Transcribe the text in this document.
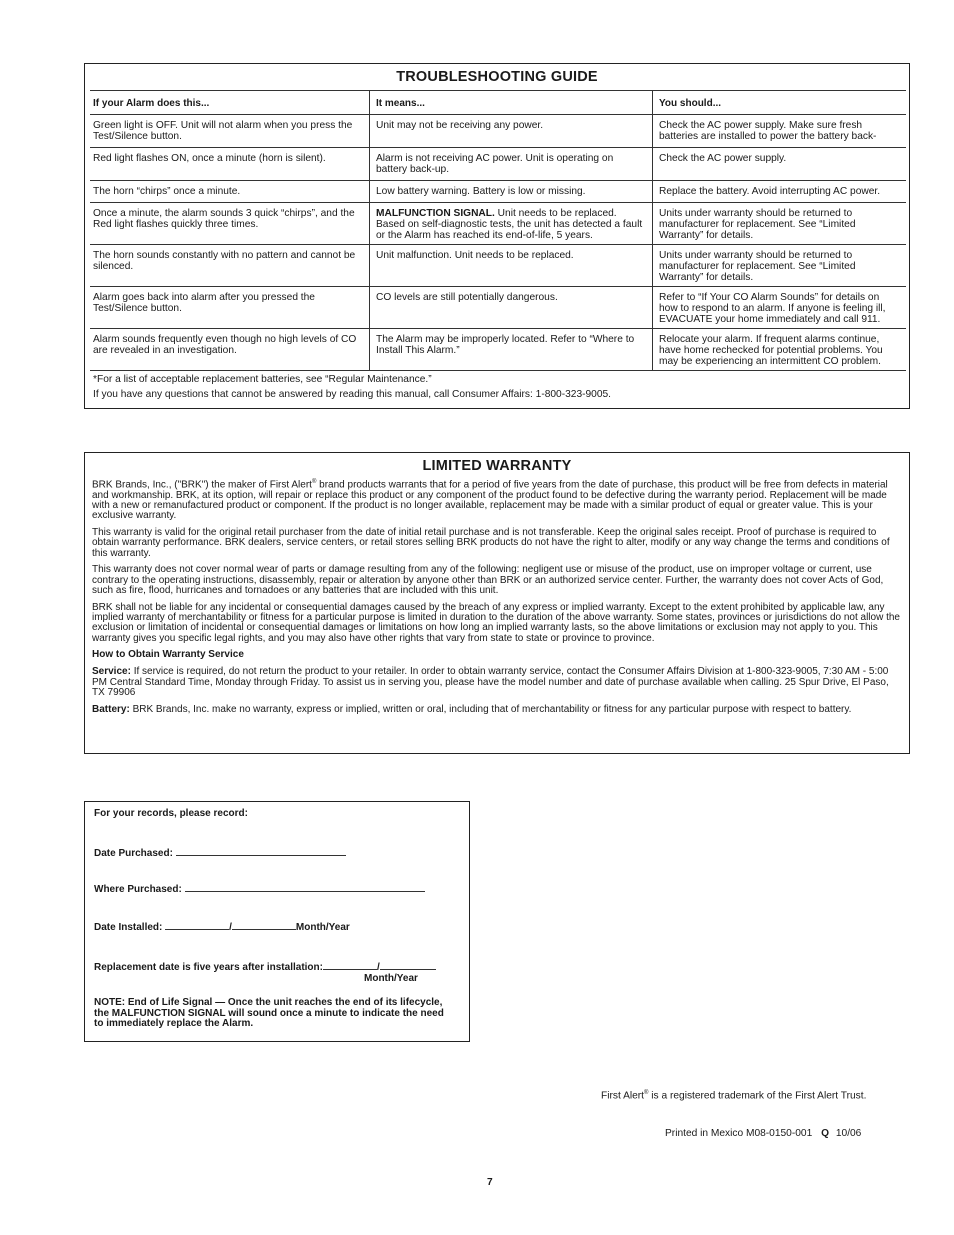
TROUBLESHOOTING GUIDE
If your Alarm does this...	It means...	You should...
Green light is OFF. Unit will not alarm when you press the Test/Silence button.	Unit may not be receiving any power.	Check the AC power supply. Make sure fresh batteries are installed to power the battery back-
Red light flashes ON, once a minute (horn is silent).	Alarm is not receiving AC power. Unit is operating on battery back-up.	Check the AC power supply.
The horn “chirps” once a minute.	Low battery warning. Battery is low or missing.	Replace the battery. Avoid interrupting AC power.
Once a minute, the alarm sounds 3 quick “chirps”, and the Red light flashes quickly three times.	MALFUNCTION SIGNAL. Unit needs to be replaced. Based on self-diagnostic tests, the unit has detected a fault or the Alarm has reached its end-of-life, 5 years.	Units under warranty should be returned to manufacturer for replacement. See “Limited Warranty” for details.
The horn sounds constantly with no pattern and cannot be silenced.	Unit malfunction. Unit needs to be replaced.	Units under warranty should be returned to manufacturer for replacement. See “Limited Warranty” for details.
Alarm goes back into alarm after you pressed the Test/Silence button.	CO levels are still potentially dangerous.	Refer to “If Your CO Alarm Sounds” for details on how to respond to an alarm. If anyone is feeling ill, EVACUATE your home immediately and call 911.
Alarm sounds frequently even though no high levels of CO are revealed in an investigation.	The Alarm may be improperly located. Refer to “Where to Install This Alarm.”	Relocate your alarm. If frequent alarms continue, have home rechecked for potential problems. You may be experiencing an intermittent CO problem.
*For a list of acceptable replacement batteries, see “Regular Maintenance.”
If you have any questions that cannot be answered by reading this manual, call Consumer Affairs: 1-800-323-9005.
LIMITED WARRANTY

BRK Brands, Inc., ("BRK") the maker of First Alert® brand products warrants that for a period of five years from the date of purchase, this product will be free from defects in material and workmanship. BRK, at its option, will repair or replace this product or any component of the product found to be defective during the warranty period. Replacement will be made with a new or remanufactured product or component. If the product is no longer available, replacement may be made with a similar product of equal or greater value. This is your exclusive warranty.

This warranty is valid for the original retail purchaser from the date of initial retail purchase and is not transferable. Keep the original sales receipt. Proof of purchase is required to obtain warranty performance. BRK dealers, service centers, or retail stores selling BRK products do not have the right to alter, modify or any way change the terms and conditions of this warranty.

This warranty does not cover normal wear of parts or damage resulting from any of the following: negligent use or misuse of the product, use on improper voltage or current, use contrary to the operating instructions, disassembly, repair or alteration by anyone other than BRK or an authorized service center. Further, the warranty does not cover Acts of God, such as fire, flood, hurricanes and tornadoes or any batteries that are included with this unit.

BRK shall not be liable for any incidental or consequential damages caused by the breach of any express or implied warranty. Except to the extent prohibited by applicable law, any implied warranty of merchantability or fitness for a particular purpose is limited in duration to the duration of the above warranty. Some states, provinces or jurisdictions do not allow the exclusion or limitation of incidental or consequential damages or limitations on how long an implied warranty lasts, so the above limitations or exclusion may not apply to you. This warranty gives you specific legal rights, and you may also have other rights that vary from state to state or province to province.

How to Obtain Warranty Service

Service: If service is required, do not return the product to your retailer. In order to obtain warranty service, contact the Consumer Affairs Division at 1-800-323-9005, 7:30 AM - 5:00 PM Central Standard Time, Monday through Friday. To assist us in serving you, please have the model number and date of purchase available when calling. 25 Spur Drive, El Paso, TX 79906

Battery: BRK Brands, Inc. make no warranty, express or implied, written or oral, including that of merchantability or fitness for any particular purpose with respect to battery.

For your records, please record:
Date Purchased:
Where Purchased:
Date Installed:	/	Month/Year
Replacement date is five years after installation:	/
Month/Year
NOTE: End of Life Signal — Once the unit reaches the end of its lifecycle, the MALFUNCTION SIGNAL will sound once a minute to indicate the need to immediately replace the Alarm.
First Alert® is a registered trademark of the First Alert Trust.
Printed in Mexico M08-0150-001 Q 10/06
7
